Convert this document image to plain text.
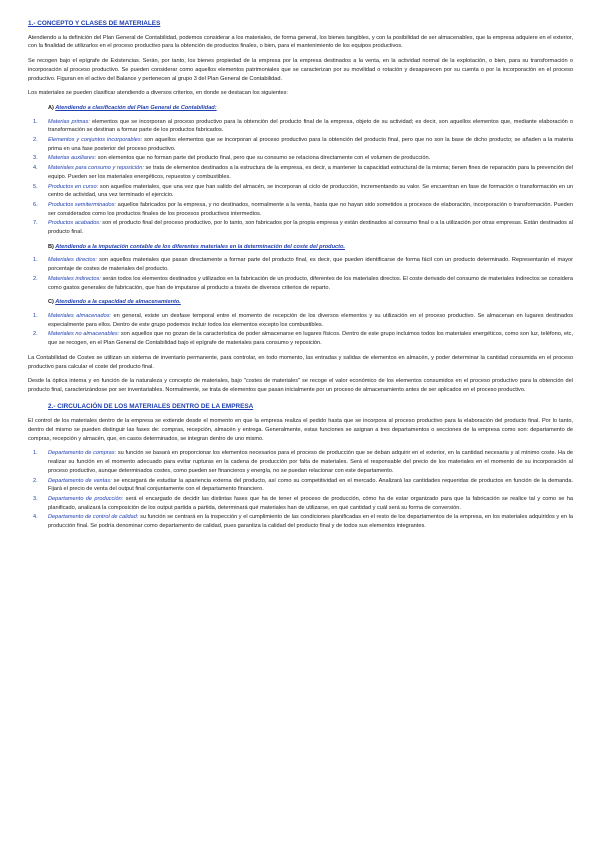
1.- CONCEPTO Y CLASES DE MATERIALES
Atendiendo a la definición del Plan General de Contabilidad, podemos considerar a los materiales, de forma general, los bienes tangibles, y con la posibilidad de ser almacenables, que la empresa adquiere en el exterior, con la finalidad de utilizarlos en el proceso productivo para la obtención de productos finales, o bien, para el mantenimiento de los equipos productivos.
Se recogen bajo el epígrafe de Existencias. Serán, por tanto, los bienes propiedad de la empresa por la empresa destinados a la venta, en la actividad normal de la explotación, o bien, para su transformación o incorporación al proceso productivo. Se pueden considerar como aquellos elementos patrimoniales que se caracterizan por su movilidad o rotación y desaparecen por su cuenta o por la incorporación en el proceso productivo. Figuran en el activo del Balance y pertenecen al grupo 3 del Plan General de Contabilidad.
Los materiales se pueden clasificar atendiendo a diversos criterios, en donde se destacan los siguientes:
A) Atendiendo a clasificación del Plan General de Contabilidad:
1. Materias primas: elementos que se incorporan al proceso productivo para la obtención del producto final de la empresa, objeto de su actividad; es decir, son aquellos elementos que, mediante elaboración o transformación se destinan a formar parte de los productos fabricados.
2. Elementos y conjuntos incorporables: son aquellos elementos que se incorporan al proceso productivo para la obtención del producto final, pero que no son la base de dicho producto; se añaden a la materia prima en una fase posterior del proceso productivo.
3. Materias auxiliares: son elementos que no forman parte del producto final, pero que su consumo se relaciona directamente con el volumen de producción.
4. Materiales para consumo y reposición: se trata de elementos destinados a la estructura de la empresa, es decir, a mantener la capacidad estructural de la misma; tienen fines de reparación para la prevención del equipo. Pueden ser los materiales energéticos, repuestos y combustibles.
5. Productos en curso: son aquellos materiales, que una vez que han salido del almacén, se incorporan al ciclo de producción, incrementando su valor. Se encuentran en fase de formación o transformación en un centro de actividad, una vez terminado el ejercicio.
6. Productos semiterminados: aquellos fabricados por la empresa, y no destinados, normalmente a la venta, hasta que no hayan sido sometidos a procesos de elaboración, incorporación o transformación. Pueden ser considerados como los productos finales de los procesos productivos intermedios.
7. Productos acabados: son el producto final del proceso productivo, por lo tanto, son fabricados por la propia empresa y están destinados al consumo final o a la utilización por otras empresas. Están destinados al producto final.
B) Atendiendo a la imputación contable de los diferentes materiales en la determinación del coste del producto.
1. Materiales directos: son aquellos materiales que pasan directamente a formar parte del producto final, es decir, que pueden identificarse de forma fácil con un producto determinado. Representarán el mayor porcentaje de costes de materiales del producto.
2. Materiales indirectos: serán todos los elementos destinados y utilizados en la fabricación de un producto, diferentes de los materiales directos. El coste derivado del consumo de materiales indirectos se considera como gastos generales de fabricación, que han de imputarse al producto a través de diversos criterios de reparto.
C) Atendiendo a la capacidad de almacenamiento.
1. Materiales almacenados: en general, existe un desfase temporal entre el momento de recepción de los diversos elementos y su utilización en el proceso productivo. Se almacenan en lugares destinados especialmente para ellos. Dentro de este grupo podemos incluir todos los elementos excepto los combustibles.
2. Materiales no almacenables: son aquellos que no gozan de la característica de poder almacenarse en lugares físicos. Dentro de este grupo incluimos todos los materiales energéticos, como son luz, teléfono, etc, que se recogen, en el Plan General de Contabilidad bajo el epígrafe de materiales para consumo y reposición.
La Contabilidad de Costes se utilizan un sistema de inventario permanente, para controlar, en todo momento, las entradas y salidas de elementos en almacén, y poder determinar la cantidad consumida en el proceso productivo para calcular el coste del producto final.
Desde la óptica interna y en función de la naturaleza y concepto de materiales, bajo "costes de materiales" se recoge el valor económico de los elementos consumidos en el proceso productivo para la obtención del producto final, caracterizándose por ser inventariables. Normalmente, se trata de elementos que pasan inicialmente por un proceso de almacenamiento antes de ser aplicados en el proceso productivo.
2.- CIRCULACIÓN DE LOS MATERIALES DENTRO DE LA EMPRESA
El control de los materiales dentro de la empresa se extiende desde el momento en que la empresa realiza el pedido hasta que se incorpora al proceso productivo para la elaboración del producto final. Por lo tanto, dentro del mismo se pueden distinguir las fases de: compras, recepción, almacén y entrega. Generalmente, estas funciones se asignan a tres departamentos o secciones de la empresa como son: departamento de compras, recepción y almacén, que, en casos determinados, se integran dentro de uno mismo.
1. Departamento de compras: su función se basará en proporcionar los elementos necesarios para el proceso de producción que se deban adquirir en el exterior, en la cantidad necesaria y al mínimo coste. Ha de realizar su función en el momento adecuado para evitar rupturas en la cadena de producción por falta de materiales. Será el responsable del precio de los materiales en el momento de su incorporación al proceso productivo, aunque determinados costes, como pueden ser financieros y energía, no se puedan relacionar con este departamento.
2. Departamento de ventas: se encargará de estudiar la apariencia externa del producto, así como su competitividad en el mercado. Analizará las cantidades requeridas de productos en función de la demanda. Fijará el precio de venta del output final conjuntamente con el departamento financiero.
3. Departamento de producción: será el encargado de decidir las distintas fases que ha de tener el proceso de producción, cómo ha de estar organizado para que la fabricación se realice tal y como se ha planificado, analizará la composición de los output partida a partida, determinará qué materiales han de utilizarse, en qué cantidad y cuál será su forma de conversión.
4. Departamento de control de calidad: su función se centrará en la inspección y el cumplimiento de las condiciones planificadas en el resto de los departamentos de la empresa, en los materiales adquiridos y en la producción final. Se podría denominar como departamento de calidad, pues garantiza la calidad del producto final y de todos sus elementos integrantes.
